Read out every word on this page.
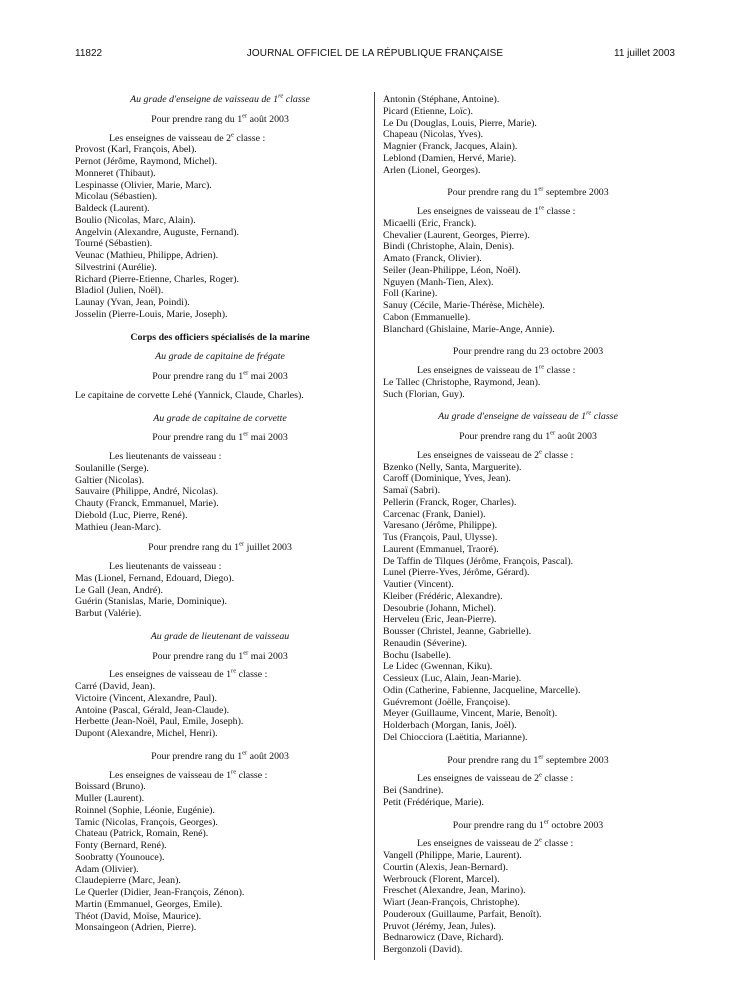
11822	JOURNAL OFFICIEL DE LA RÉPUBLIQUE FRANÇAISE	11 juillet 2003
Au grade d'enseigne de vaisseau de 1re classe
Pour prendre rang du 1er août 2003
Les enseignes de vaisseau de 2e classe :
Provost (Karl, François, Abel).
Pernot (Jérôme, Raymond, Michel).
Monneret (Thibaut).
Lespinasse (Olivier, Marie, Marc).
Micolau (Sébastien).
Baldeck (Laurent).
Boulio (Nicolas, Marc, Alain).
Angelvin (Alexandre, Auguste, Fernand).
Tourné (Sébastien).
Veunac (Mathieu, Philippe, Adrien).
Silvestrini (Aurélie).
Richard (Pierre-Etienne, Charles, Roger).
Bladiol (Julien, Noël).
Launay (Yvan, Jean, Poindi).
Josselin (Pierre-Louis, Marie, Joseph).
Corps des officiers spécialisés de la marine
Au grade de capitaine de frégate
Pour prendre rang du 1er mai 2003
Le capitaine de corvette Lehé (Yannick, Claude, Charles).
Au grade de capitaine de corvette
Pour prendre rang du 1er mai 2003
Les lieutenants de vaisseau :
Soulanille (Serge).
Galtier (Nicolas).
Sauvaire (Philippe, André, Nicolas).
Chauty (Franck, Emmanuel, Marie).
Diebold (Luc, Pierre, René).
Mathieu (Jean-Marc).
Pour prendre rang du 1er juillet 2003
Les lieutenants de vaisseau :
Mas (Lionel, Fernand, Edouard, Diego).
Le Gall (Jean, André).
Guérin (Stanislas, Marie, Dominique).
Barbut (Valérie).
Au grade de lieutenant de vaisseau
Pour prendre rang du 1er mai 2003
Les enseignes de vaisseau de 1re classe :
Carré (David, Jean).
Victoire (Vincent, Alexandre, Paul).
Antoine (Pascal, Gérald, Jean-Claude).
Herbette (Jean-Noël, Paul, Emile, Joseph).
Dupont (Alexandre, Michel, Henri).
Pour prendre rang du 1er août 2003
Les enseignes de vaisseau de 1re classe :
Boissard (Bruno).
Muller (Laurent).
Roinnel (Sophie, Léonie, Eugénie).
Tamic (Nicolas, François, Georges).
Chateau (Patrick, Romain, René).
Fonty (Bernard, René).
Soobratty (Younouce).
Adam (Olivier).
Claudepierre (Marc, Jean).
Le Querler (Didier, Jean-François, Zénon).
Martin (Emmanuel, Georges, Emile).
Théot (David, Moïse, Maurice).
Monsaingeon (Adrien, Pierre).
Antonin (Stéphane, Antoine).
Picard (Etienne, Loïc).
Le Du (Douglas, Louis, Pierre, Marie).
Chapeau (Nicolas, Yves).
Magnier (Franck, Jacques, Alain).
Leblond (Damien, Hervé, Marie).
Arlen (Lionel, Georges).
Pour prendre rang du 1er septembre 2003
Les enseignes de vaisseau de 1re classe :
Micaelli (Eric, Franck).
Chevalier (Laurent, Georges, Pierre).
Bindi (Christophe, Alain, Denis).
Amato (Franck, Olivier).
Seiler (Jean-Philippe, Léon, Noël).
Nguyen (Manh-Tien, Alex).
Foll (Karine).
Sanuy (Cécile, Marie-Thérèse, Michèle).
Cabon (Emmanuelle).
Blanchard (Ghislaine, Marie-Ange, Annie).
Pour prendre rang du 23 octobre 2003
Les enseignes de vaisseau de 1re classe :
Le Tallec (Christophe, Raymond, Jean).
Such (Florian, Guy).
Au grade d'enseigne de vaisseau de 1re classe
Pour prendre rang du 1er août 2003
Les enseignes de vaisseau de 2e classe :
Bzenko (Nelly, Santa, Marguerite).
Caroff (Dominique, Yves, Jean).
Samaï (Sabri).
Pellerin (Franck, Roger, Charles).
Carcenac (Frank, Daniel).
Varesano (Jérôme, Philippe).
Tus (François, Paul, Ulysse).
Laurent (Emmanuel, Traoré).
De Taffin de Tilques (Jérôme, François, Pascal).
Lunel (Pierre-Yves, Jérôme, Gérard).
Vautier (Vincent).
Kleiber (Frédéric, Alexandre).
Desoubrie (Johann, Michel).
Herveleu (Eric, Jean-Pierre).
Bousser (Christel, Jeanne, Gabrielle).
Renaudin (Séverine).
Bochu (Isabelle).
Le Lidec (Gwennan, Kiku).
Cessieux (Luc, Alain, Jean-Marie).
Odin (Catherine, Fabienne, Jacqueline, Marcelle).
Guévremont (Joëlle, Françoise).
Meyer (Guillaume, Vincent, Marie, Benoît).
Holderbach (Morgan, Ianis, Joël).
Del Chiocciora (Laëtitia, Marianne).
Pour prendre rang du 1er septembre 2003
Les enseignes de vaisseau de 2e classe :
Bei (Sandrine).
Petit (Frédérique, Marie).
Pour prendre rang du 1er octobre 2003
Les enseignes de vaisseau de 2e classe :
Vangell (Philippe, Marie, Laurent).
Courtin (Alexis, Jean-Bernard).
Werbrouck (Florent, Marcel).
Freschet (Alexandre, Jean, Marino).
Wiart (Jean-François, Christophe).
Pouderoux (Guillaume, Parfait, Benoît).
Pruvot (Jérémy, Jean, Jules).
Bednarowicz (Dave, Richard).
Bergonzoli (David).
